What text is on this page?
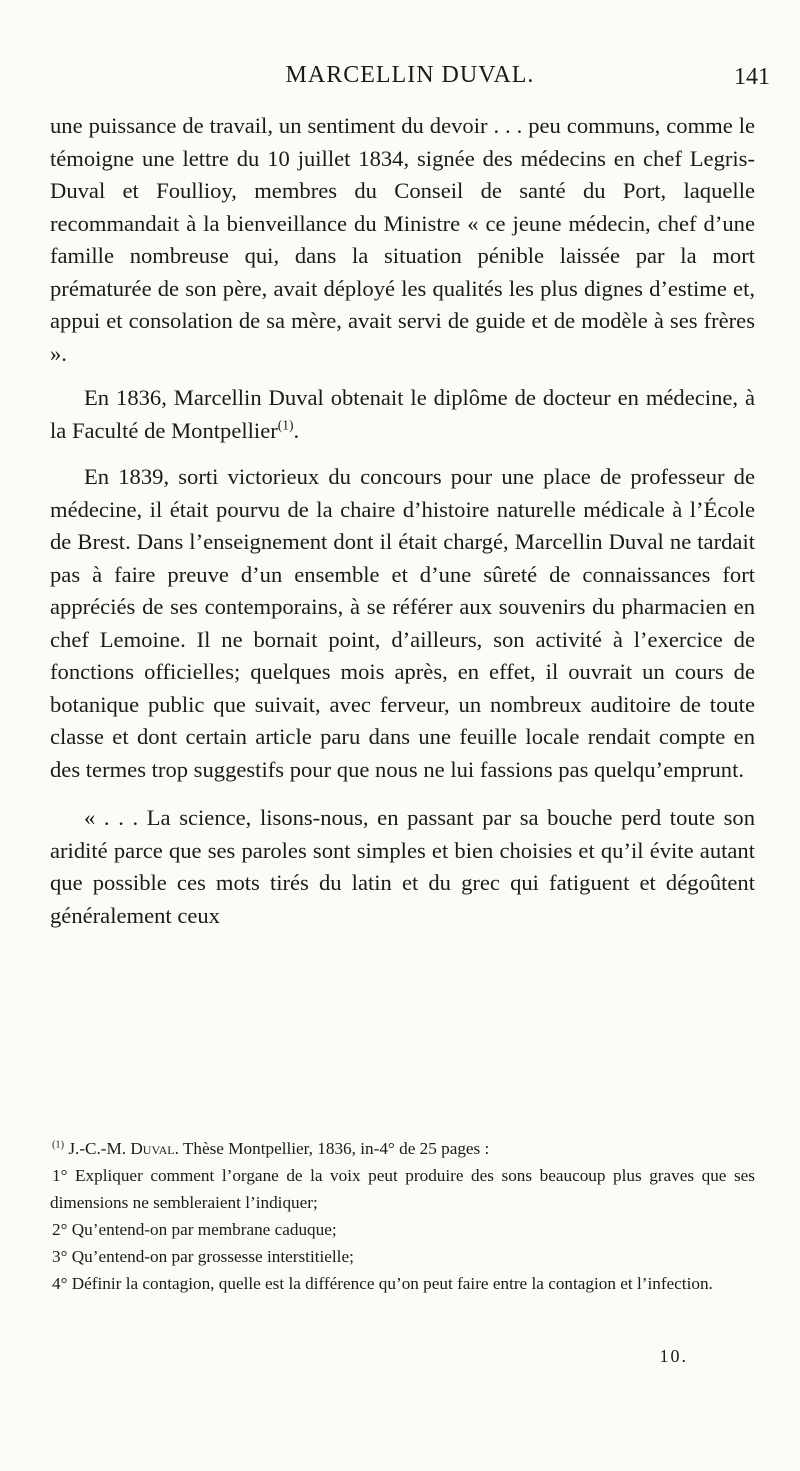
MARCELLIN DUVAL.	141

une puissance de travail, un sentiment du devoir . . . peu communs, comme le témoigne une lettre du 10 juillet 1834, signée des médecins en chef Legris-Duval et Foullioy, membres du Conseil de santé du Port, laquelle recommandait à la bienveillance du Ministre « ce jeune médecin, chef d’une famille nombreuse qui, dans la situation pénible laissée par la mort prématurée de son père, avait déployé les qualités les plus dignes d’estime et, appui et consolation de sa mère, avait servi de guide et de modèle à ses frères ».

En 1836, Marcellin Duval obtenait le diplôme de docteur en médecine, à la Faculté de Montpellier$^{(1)}$.

En 1839, sorti victorieux du concours pour une place de professeur de médecine, il était pourvu de la chaire d’histoire naturelle médicale à l’École de Brest. Dans l’enseignement dont il était chargé, Marcellin Duval ne tardait pas à faire preuve d’un ensemble et d’une sûreté de connaissances fort appréciés de ses contemporains, à se référer aux souvenirs du pharmacien en chef Lemoine. Il ne bornait point, d’ailleurs, son activité à l’exercice de fonctions officielles; quelques mois après, en effet, il ouvrait un cours de botanique public que suivait, avec ferveur, un nombreux auditoire de toute classe et dont certain article paru dans une feuille locale rendait compte en des termes trop suggestifs pour que nous ne lui fassions pas quelqu’emprunt.

« . . . La science, lisons-nous, en passant par sa bouche perd toute son aridité parce que ses paroles sont simples et bien choisies et qu’il évite autant que possible ces mots tirés du latin et du grec qui fatiguent et dégoûtent généralement ceux

$^{(1)}$ J.-C.-M. Duval. Thèse Montpellier, 1836, in-4° de 25 pages :

1° Expliquer comment l’organe de la voix peut produire des sons beaucoup plus graves que ses dimensions ne sembleraient l’indiquer;

2° Qu’entend-on par membrane caduque;

3° Qu’entend-on par grossesse interstitielle;

4° Définir la contagion, quelle est la différence qu’on peut faire entre la contagion et l’infection.

10.
